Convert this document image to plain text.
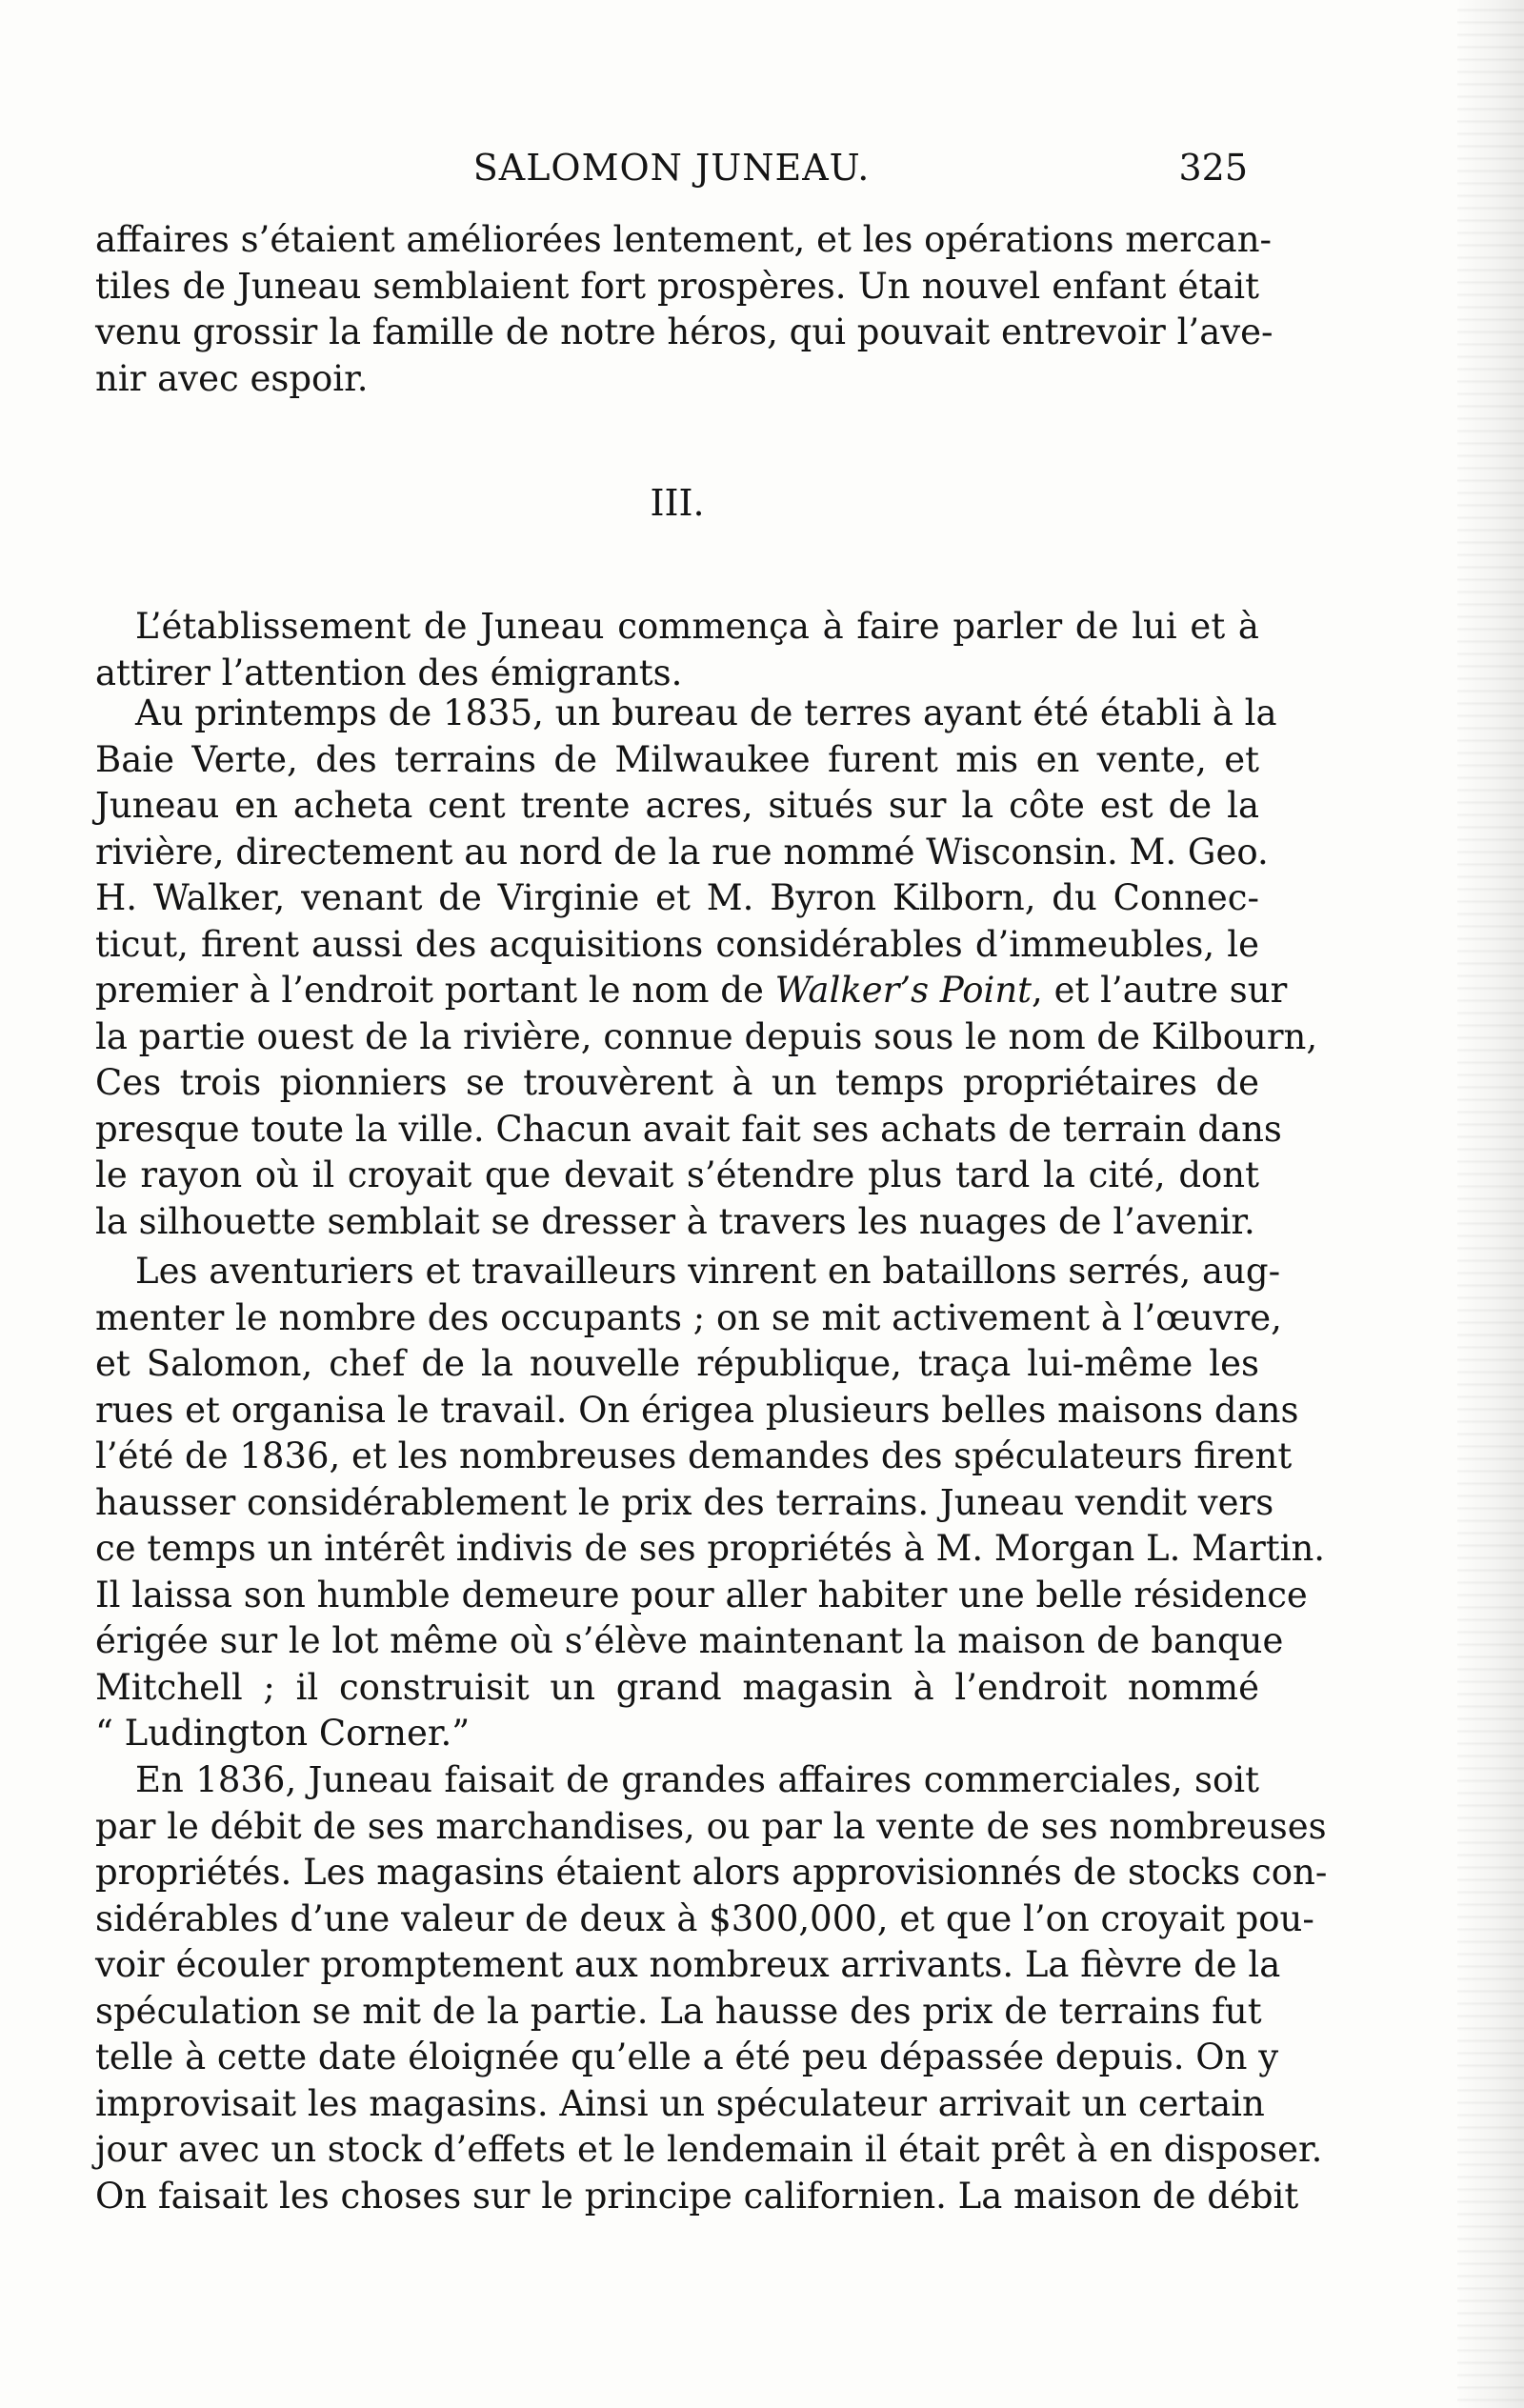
SALOMON JUNEAU.	325
affaires s’étaient améliorées lentement, et les opérations mercan-
tiles de Juneau semblaient fort prospères. Un nouvel enfant était
venu grossir la famille de notre héros, qui pouvait entrevoir l’ave-
nir avec espoir.
III.
L’établissement de Juneau commença à faire parler de lui et à
attirer l’attention des émigrants.
Au printemps de 1835, un bureau de terres ayant été établi à la
Baie Verte, des terrains de Milwaukee furent mis en vente, et
Juneau en acheta cent trente acres, situés sur la côte est de la
rivière, directement au nord de la rue nommé Wisconsin. M. Geo.
H. Walker, venant de Virginie et M. Byron Kilborn, du Connec-
ticut, firent aussi des acquisitions considérables d’immeubles, le
premier à l’endroit portant le nom de Walker’s Point, et l’autre sur
la partie ouest de la rivière, connue depuis sous le nom de Kilbourn,
Ces trois pionniers se trouvèrent à un temps propriétaires de
presque toute la ville. Chacun avait fait ses achats de terrain dans
le rayon où il croyait que devait s’étendre plus tard la cité, dont
la silhouette semblait se dresser à travers les nuages de l’avenir.
Les aventuriers et travailleurs vinrent en bataillons serrés, aug-
menter le nombre des occupants ; on se mit activement à l’œuvre,
et Salomon, chef de la nouvelle république, traça lui-même les
rues et organisa le travail. On érigea plusieurs belles maisons dans
l’été de 1836, et les nombreuses demandes des spéculateurs firent
hausser considérablement le prix des terrains. Juneau vendit vers
ce temps un intérêt indivis de ses propriétés à M. Morgan L. Martin.
Il laissa son humble demeure pour aller habiter une belle résidence
érigée sur le lot même où s’élève maintenant la maison de banque
Mitchell ; il construisit un grand magasin à l’endroit nommé
“ Ludington Corner.”
En 1836, Juneau faisait de grandes affaires commerciales, soit
par le débit de ses marchandises, ou par la vente de ses nombreuses
propriétés. Les magasins étaient alors approvisionnés de stocks con-
sidérables d’une valeur de deux à $300,000, et que l’on croyait pou-
voir écouler promptement aux nombreux arrivants. La fièvre de la
spéculation se mit de la partie. La hausse des prix de terrains fut
telle à cette date éloignée qu’elle a été peu dépassée depuis. On y
improvisait les magasins. Ainsi un spéculateur arrivait un certain
jour avec un stock d’effets et le lendemain il était prêt à en disposer.
On faisait les choses sur le principe californien. La maison de débit
